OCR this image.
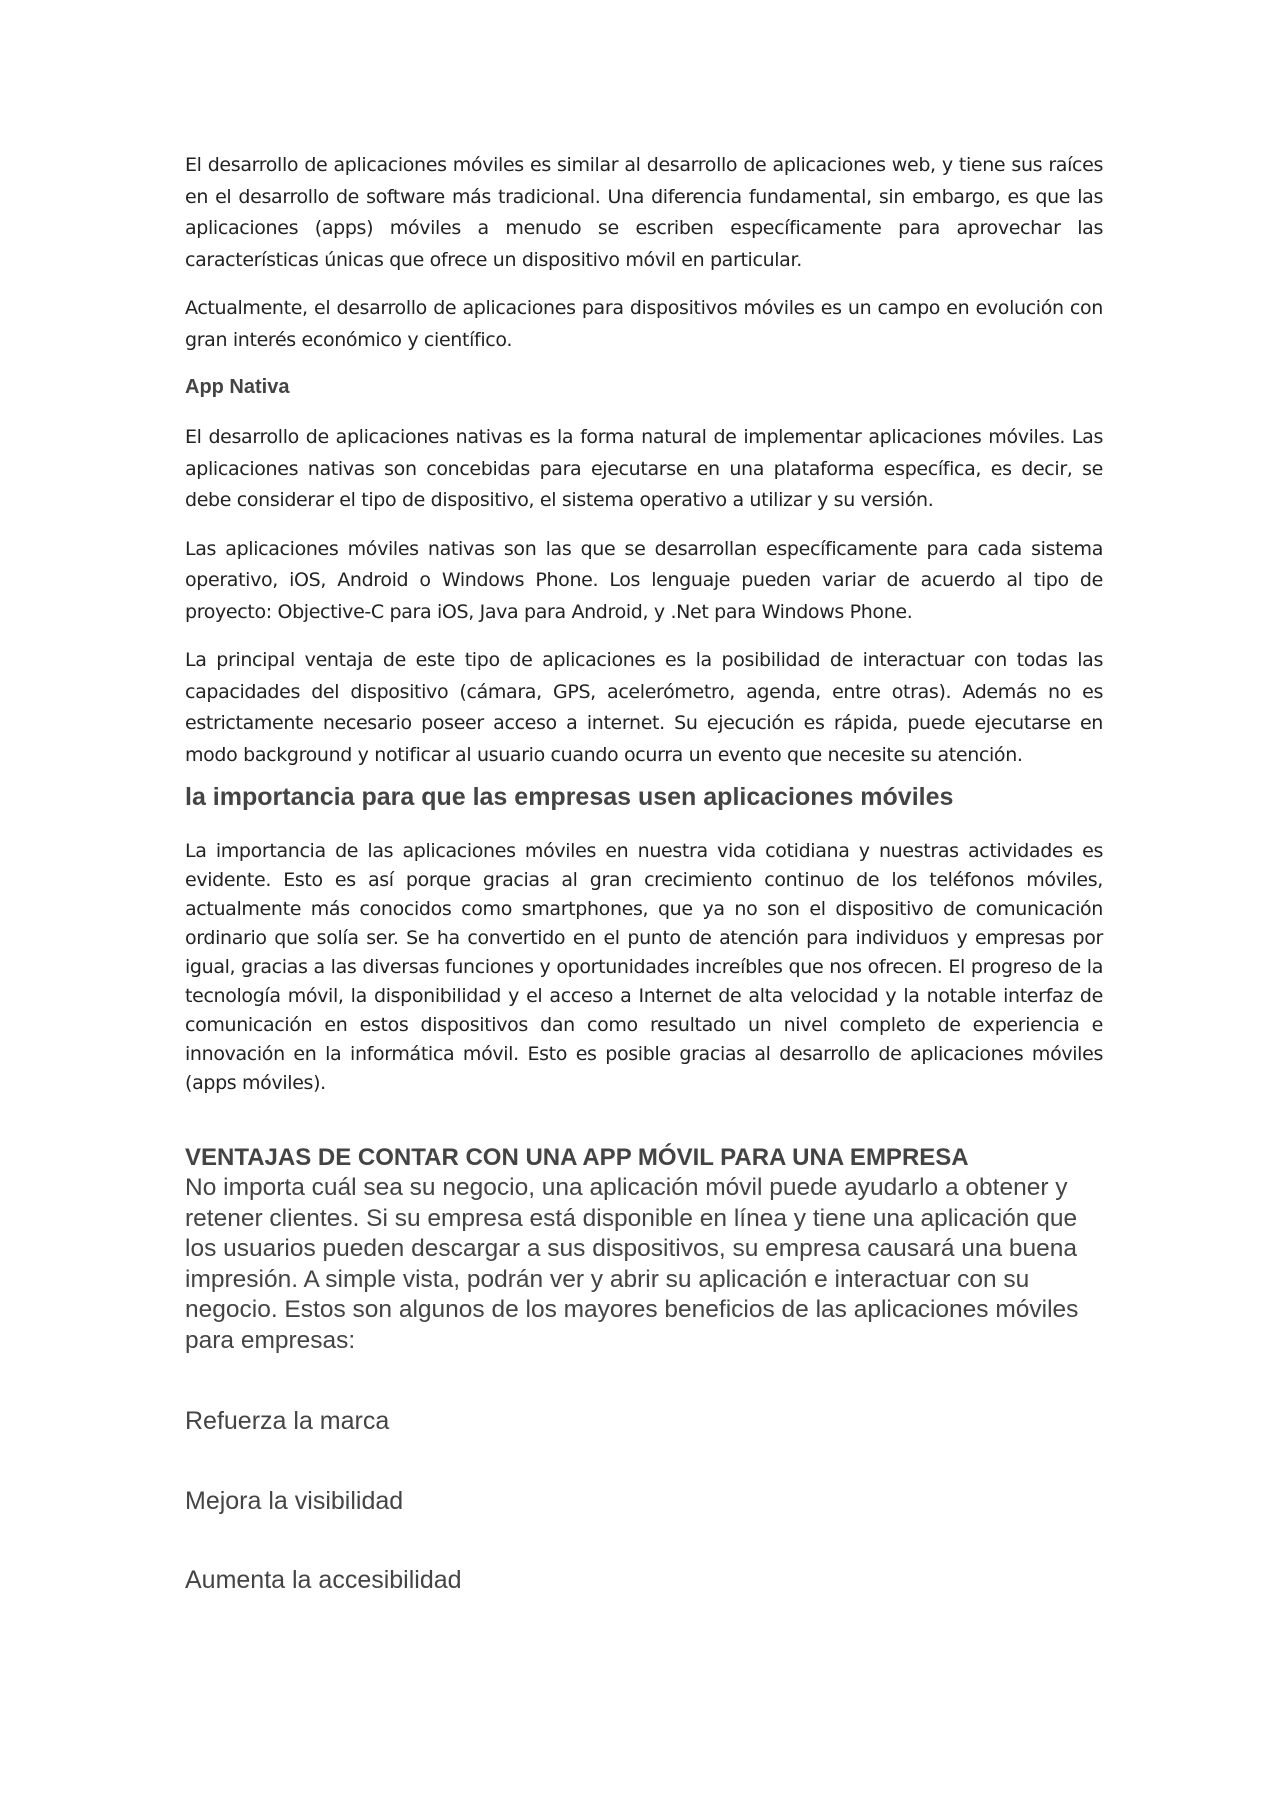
El desarrollo de aplicaciones móviles es similar al desarrollo de aplicaciones web, y tiene sus raíces en el desarrollo de software más tradicional. Una diferencia fundamental, sin embargo, es que las aplicaciones (apps) móviles a menudo se escriben específicamente para aprovechar las características únicas que ofrece un dispositivo móvil en particular.

Actualmente, el desarrollo de aplicaciones para dispositivos móviles es un campo en evolución con gran interés económico y científico.

App Nativa

El desarrollo de aplicaciones nativas es la forma natural de implementar aplicaciones móviles. Las aplicaciones nativas son concebidas para ejecutarse en una plataforma específica, es decir, se debe considerar el tipo de dispositivo, el sistema operativo a utilizar y su versión.

Las aplicaciones móviles nativas son las que se desarrollan específicamente para cada sistema operativo, iOS, Android o Windows Phone. Los lenguaje pueden variar de acuerdo al tipo de proyecto: Objective-C para iOS, Java para Android, y .Net para Windows Phone.

La principal ventaja de este tipo de aplicaciones es la posibilidad de interactuar con todas las capacidades del dispositivo (cámara, GPS, acelerómetro, agenda, entre otras). Además no es estrictamente necesario poseer acceso a internet. Su ejecución es rápida, puede ejecutarse en modo background y notificar al usuario cuando ocurra un evento que necesite su atención.

la importancia para que las empresas usen aplicaciones móviles

La importancia de las aplicaciones móviles en nuestra vida cotidiana y nuestras actividades es evidente. Esto es así porque gracias al gran crecimiento continuo de los teléfonos móviles, actualmente más conocidos como smartphones, que ya no son el dispositivo de comunicación ordinario que solía ser. Se ha convertido en el punto de atención para individuos y empresas por igual, gracias a las diversas funciones y oportunidades increíbles que nos ofrecen. El progreso de la tecnología móvil, la disponibilidad y el acceso a Internet de alta velocidad y la notable interfaz de comunicación en estos dispositivos dan como resultado un nivel completo de experiencia e innovación en la informática móvil. Esto es posible gracias al desarrollo de aplicaciones móviles (apps móviles).

VENTAJAS DE CONTAR CON UNA APP MÓVIL PARA UNA EMPRESA

No importa cuál sea su negocio, una aplicación móvil puede ayudarlo a obtener y retener clientes. Si su empresa está disponible en línea y tiene una aplicación que los usuarios pueden descargar a sus dispositivos, su empresa causará una buena impresión. A simple vista, podrán ver y abrir su aplicación e interactuar con su negocio. Estos son algunos de los mayores beneficios de las aplicaciones móviles para empresas:

Refuerza la marca

Mejora la visibilidad

Aumenta la accesibilidad
